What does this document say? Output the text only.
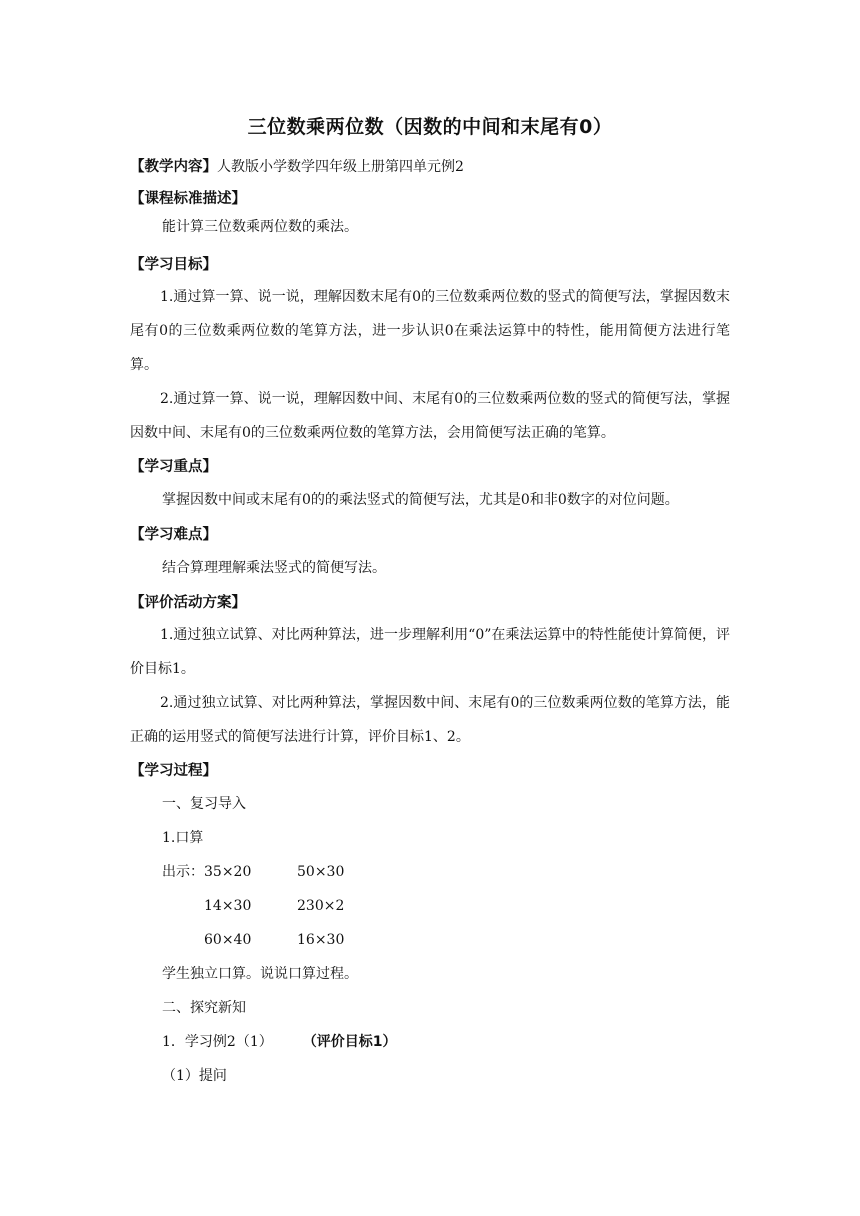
三位数乘两位数（因数的中间和末尾有0）
【教学内容】人教版小学数学四年级上册第四单元例2
【课程标准描述】
能计算三位数乘两位数的乘法。
【学习目标】
1.通过算一算、说一说，理解因数末尾有0的三位数乘两位数的竖式的简便写法，掌握因数末尾有0的三位数乘两位数的笔算方法，进一步认识0在乘法运算中的特性，能用简便方法进行笔算。
2.通过算一算、说一说，理解因数中间、末尾有0的三位数乘两位数的竖式的简便写法，掌握因数中间、末尾有0的三位数乘两位数的笔算方法，会用简便写法正确的笔算。
【学习重点】
掌握因数中间或末尾有0的的乘法竖式的简便写法，尤其是0和非0数字的对位问题。
【学习难点】
结合算理理解乘法竖式的简便写法。
【评价活动方案】
1.通过独立试算、对比两种算法，进一步理解利用“0”在乘法运算中的特性能使计算简便，评价目标1。
2.通过独立试算、对比两种算法，掌握因数中间、末尾有0的三位数乘两位数的笔算方法，能正确的运用竖式的简便写法进行计算，评价目标1、2。
【学习过程】
一、复习导入
1.口算
出示： 35×20	50×30
14×30	230×2
60×40	16×30
学生独立口算。说说口算过程。
二、探究新知
1．学习例2（1） （评价目标1）
（1）提问
